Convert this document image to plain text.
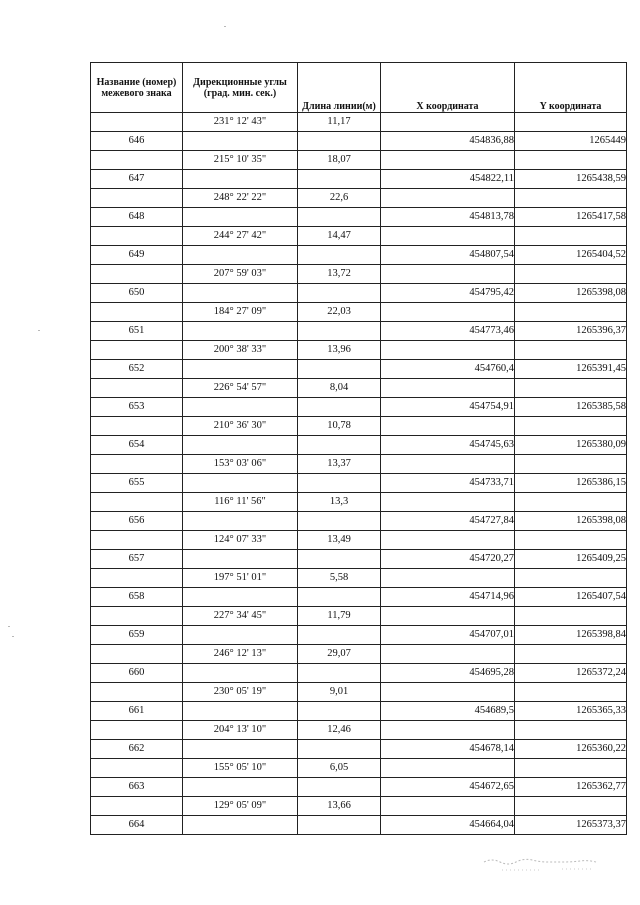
Название (номер) межевого знака	Дирекционные углы (град. мин. сек.)	Длина линии(м)	X координата	Y координата
	231° 12' 43"	11,17		
646			454836,88	1265449
	215° 10' 35"	18,07		
647			454822,11	1265438,59
	248° 22' 22"	22,6		
648			454813,78	1265417,58
	244° 27' 42"	14,47		
649			454807,54	1265404,52
	207° 59' 03"	13,72		
650			454795,42	1265398,08
	184° 27' 09"	22,03		
651			454773,46	1265396,37
	200° 38' 33"	13,96		
652			454760,4	1265391,45
	226° 54' 57"	8,04		
653			454754,91	1265385,58
	210° 36' 30"	10,78		
654			454745,63	1265380,09
	153° 03' 06"	13,37		
655			454733,71	1265386,15
	116° 11' 56"	13,3		
656			454727,84	1265398,08
	124° 07' 33"	13,49		
657			454720,27	1265409,25
	197° 51' 01"	5,58		
658			454714,96	1265407,54
	227° 34' 45"	11,79		
659			454707,01	1265398,84
	246° 12' 13"	29,07		
660			454695,28	1265372,24
	230° 05' 19"	9,01		
661			454689,5	1265365,33
	204° 13' 10"	12,46		
662			454678,14	1265360,22
	155° 05' 10"	6,05		
663			454672,65	1265362,77
	129° 05' 09"	13,66		
664			454664,04	1265373,37
